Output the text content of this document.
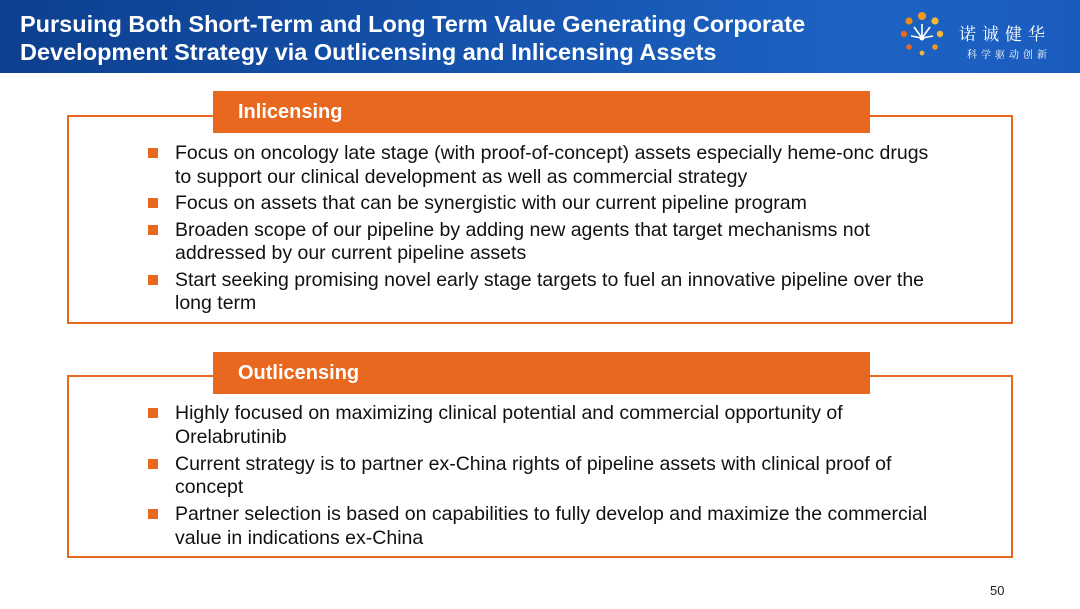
Pursuing Both Short-Term and Long Term Value Generating Corporate
Development Strategy via Outlicensing and Inlicensing Assets
诺诚健华
科学驱动创新
Inlicensing
Focus on oncology late stage (with proof-of-concept) assets especially heme-onc drugs to support our clinical development as well as commercial strategy
Focus on assets that can be synergistic with our current pipeline program
Broaden scope of our pipeline by adding new agents that target mechanisms not addressed by our current pipeline assets
Start seeking promising novel early stage targets to fuel an innovative pipeline over the long term
Outlicensing
Highly focused on maximizing clinical potential and commercial opportunity of Orelabrutinib
Current strategy is to partner ex-China rights of pipeline assets with clinical proof of concept
Partner selection is based on capabilities to fully develop and maximize the commercial value in indications ex-China
50
